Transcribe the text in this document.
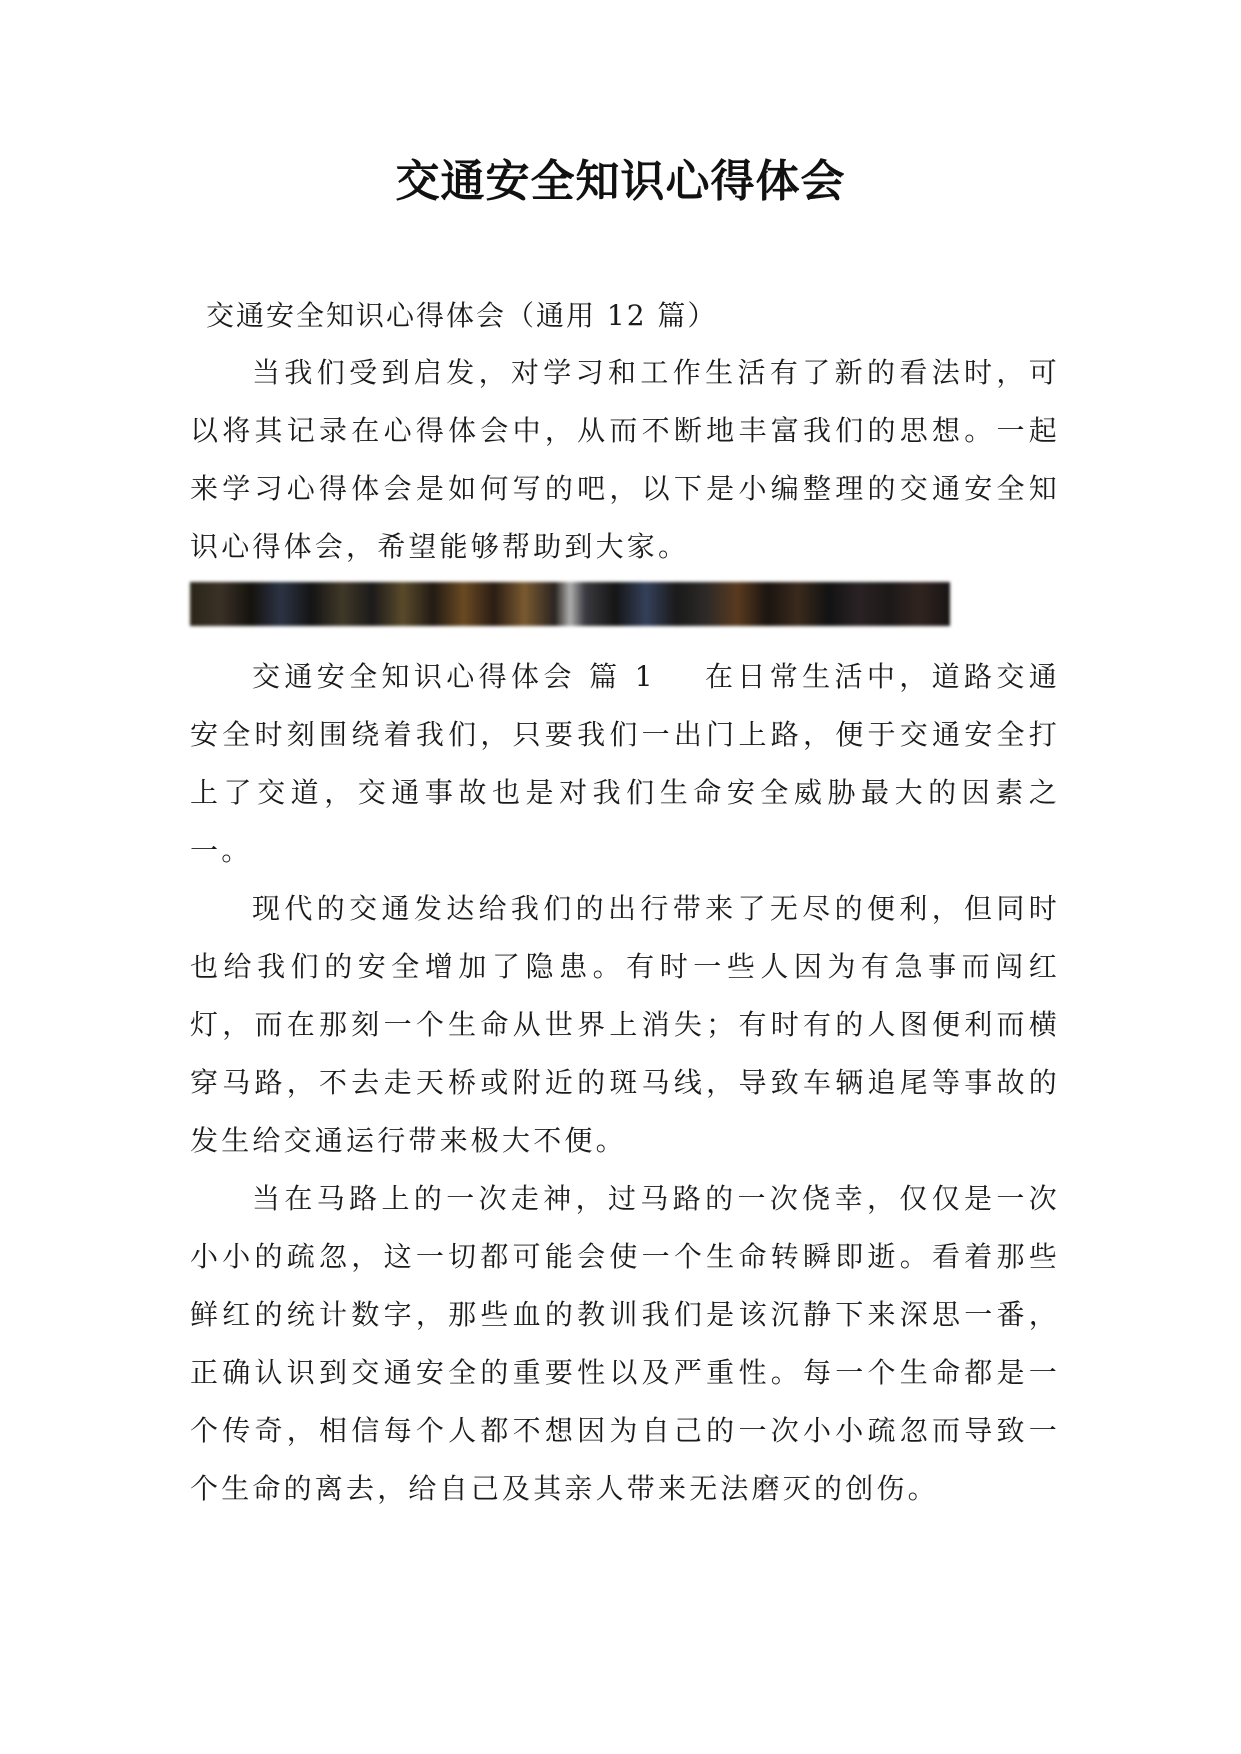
交通安全知识心得体会

交通安全知识心得体会（通用 12 篇）

当我们受到启发，对学习和工作生活有了新的看法时，可以将其记录在心得体会中，从而不断地丰富我们的思想。一起来学习心得体会是如何写的吧，以下是小编整理的交通安全知识心得体会，希望能够帮助到大家。

交通安全知识心得体会 篇 1 在日常生活中，道路交通安全时刻围绕着我们，只要我们一出门上路，便于交通安全打上了交道，交通事故也是对我们生命安全威胁最大的因素之一。

现代的交通发达给我们的出行带来了无尽的便利，但同时也给我们的安全增加了隐患。有时一些人因为有急事而闯红灯，而在那刻一个生命从世界上消失；有时有的人图便利而横穿马路，不去走天桥或附近的斑马线，导致车辆追尾等事故的发生给交通运行带来极大不便。

当在马路上的一次走神，过马路的一次侥幸，仅仅是一次小小的疏忽，这一切都可能会使一个生命转瞬即逝。看着那些鲜红的统计数字，那些血的教训我们是该沉静下来深思一番，正确认识到交通安全的重要性以及严重性。每一个生命都是一个传奇，相信每个人都不想因为自己的一次小小疏忽而导致一个生命的离去，给自己及其亲人带来无法磨灭的创伤。
